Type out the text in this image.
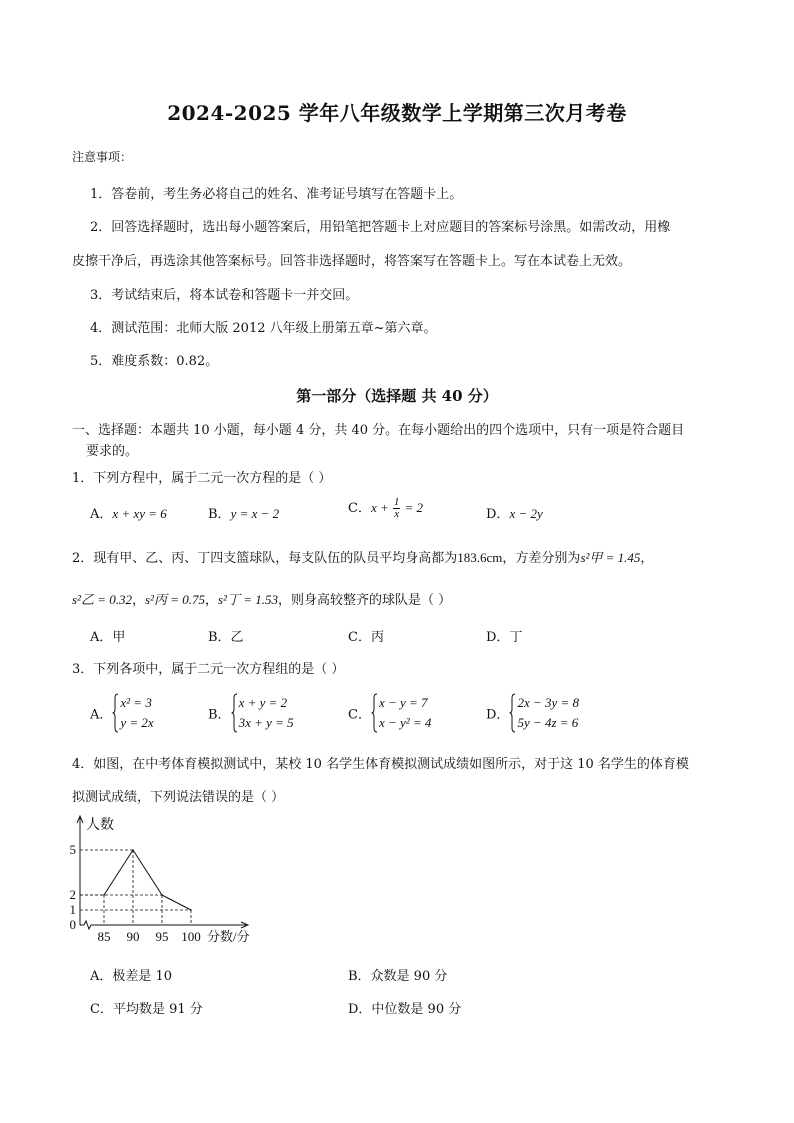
2024-2025 学年八年级数学上学期第三次月考卷
注意事项：
1．答卷前，考生务必将自己的姓名、准考证号填写在答题卡上。
2．回答选择题时，选出每小题答案后，用铅笔把答题卡上对应题目的答案标号涂黑。如需改动，用橡
皮擦干净后，再选涂其他答案标号。回答非选择题时，将答案写在答题卡上。写在本试卷上无效。
3．考试结束后，将本试卷和答题卡一并交回。
4．测试范围：北师大版 2012 八年级上册第五章~第六章。
5．难度系数：0.82。
第一部分（选择题 共 40 分）
一、选择题：本题共 10 小题，每小题 4 分，共 40 分。在每小题给出的四个选项中，只有一项是符合题目
要求的。
1．下列方程中，属于二元一次方程的是（ ）
A．x + xy = 6	B．y = x − 2	C．$x + \frac{1}{x} = 2$	D．x − 2y
2．现有甲、乙、丙、丁四支篮球队，每支队伍的队员平均身高都为183.6cm，方差分别为s²甲 = 1.45，
s²乙 = 0.32，s²丙 = 0.75，s²丁 = 1.53，则身高较整齐的球队是（ ）
A．甲	B．乙	C．丙	D．丁
3．下列各项中，属于二元一次方程组的是（ ）
A．
x² = 3
y = 2x	B．
x + y = 2
3x + y = 5	C．
x − y = 7
x − y² = 4	D．
2x − 3y = 8
5y − 4z = 6
4．如图，在中考体育模拟测试中，某校 10 名学生体育模拟测试成绩如图所示，对于这 10 名学生的体育模
拟测试成绩，下列说法错误的是（ ）
0
1
2
5
85 90 95 100
人数
分数/分
A．极差是 10	B．众数是 90 分
C．平均数是 91 分	D．中位数是 90 分
